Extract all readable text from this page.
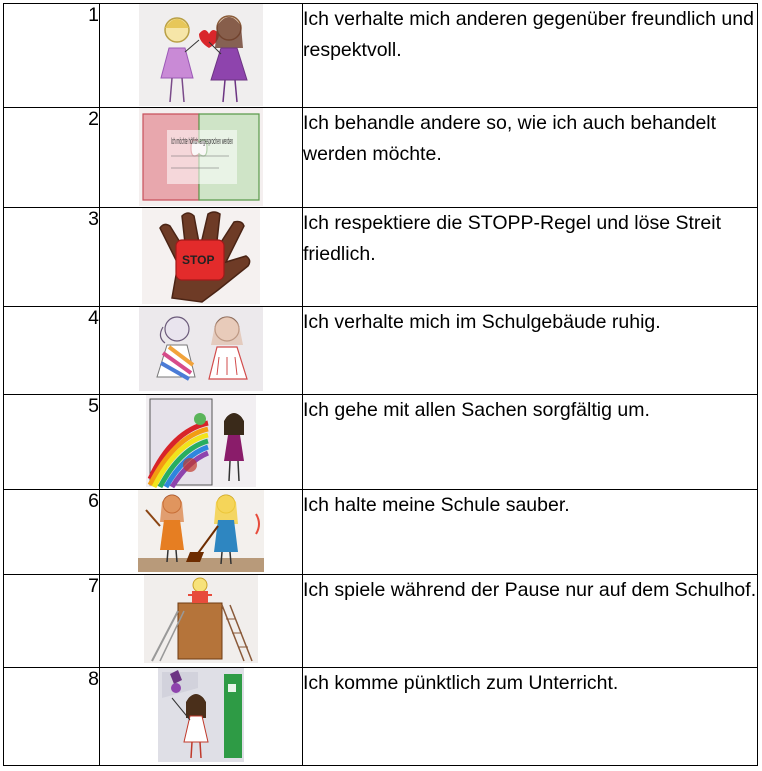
1		Ich verhalte mich anderen gegenüber freundlich und respektvoll.
2	Ich möchte höflich angesprochen werden	Ich behandle andere so, wie ich auch behandelt werden möchte.
3	STOP	Ich respektiere die STOPP-Regel und löse Streit friedlich.
4		Ich verhalte mich im Schulgebäude ruhig.
5		Ich gehe mit allen Sachen sorgfältig um.
6		Ich halte meine Schule sauber.
7		Ich spiele während der Pause nur auf dem Schulhof.
8		Ich komme pünktlich zum Unterricht.
